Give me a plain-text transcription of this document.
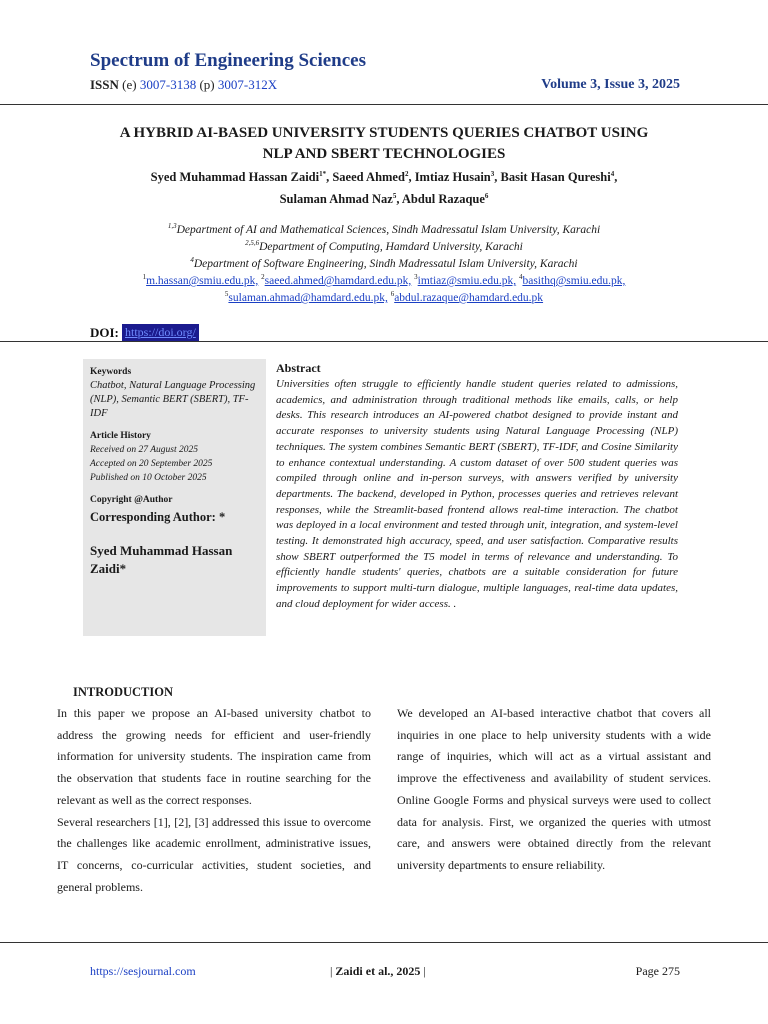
Spectrum of Engineering Sciences
ISSN (e) 3007-3138 (p) 3007-312X	Volume 3, Issue 3, 2025
A HYBRID AI-BASED UNIVERSITY STUDENTS QUERIES CHATBOT USING
NLP AND SBERT TECHNOLOGIES
Syed Muhammad Hassan Zaidi$^{1*}$, Saeed Ahmed$^2$, Imtiaz Husain$^3$, Basit Hasan Qureshi$^4$,
Sulaman Ahmad Naz$^5$, Abdul Razaque$^6$
$^{1,3}$Department of AI and Mathematical Sciences, Sindh Madressatul Islam University, Karachi
$^{2,5,6}$Department of Computing, Hamdard University, Karachi
$^4$Department of Software Engineering, Sindh Madressatul Islam University, Karachi
$^1$m.hassan@smiu.edu.pk, $^2$saeed.ahmed@hamdard.edu.pk, $^3$imtiaz@smiu.edu.pk, $^4$basithq@smiu.edu.pk,
$^5$sulaman.ahmad@hamdard.edu.pk, $^6$abdul.razaque@hamdard.edu.pk
DOI: https://doi.org/
Keywords
Chatbot, Natural Language Processing (NLP), Semantic BERT (SBERT), TF-IDF
Article History
Received on 27 August 2025
Accepted on 20 September 2025
Published on 10 October 2025
Copyright @Author
Corresponding Author: *
Syed Muhammad Hassan Zaidi*
Abstract
Universities often struggle to efficiently handle student queries related to admissions, academics, and administration through traditional methods like emails, calls, or help desks. This research introduces an AI-powered chatbot designed to provide instant and accurate responses to university students using Natural Language Processing (NLP) techniques. The system combines Semantic BERT (SBERT), TF-IDF, and Cosine Similarity to enhance contextual understanding. A custom dataset of over 500 student queries was compiled through online and in-person surveys, with answers verified by university departments. The backend, developed in Python, processes queries and retrieves relevant responses, while the Streamlit-based frontend allows real-time interaction. The chatbot was deployed in a local environment and tested through unit, integration, and system-level testing. It demonstrated high accuracy, speed, and user satisfaction. Comparative results show SBERT outperformed the T5 model in terms of relevance and understanding. To efficiently handle students' queries, chatbots are a suitable consideration for future improvements to support multi-turn dialogue, multiple languages, real-time data updates, and cloud deployment for wider access. .
INTRODUCTION

In this paper we propose an AI-based university chatbot to address the growing needs for efficient and user-friendly information for university students. The inspiration came from the observation that students face in routine searching for the relevant as well as the correct responses.

Several researchers [1], [2], [3] addressed this issue to overcome the challenges like academic enrollment, administrative issues, IT concerns, co-curricular activities, student societies, and general problems.

We developed an AI-based interactive chatbot that covers all inquiries in one place to help university students with a wide range of inquiries, which will act as a virtual assistant and improve the effectiveness and availability of student services. Online Google Forms and physical surveys were used to collect data for analysis. First, we organized the queries with utmost care, and answers were obtained directly from the relevant university departments to ensure reliability.

https://sesjournal.com	| Zaidi et al., 2025 |	Page 275
